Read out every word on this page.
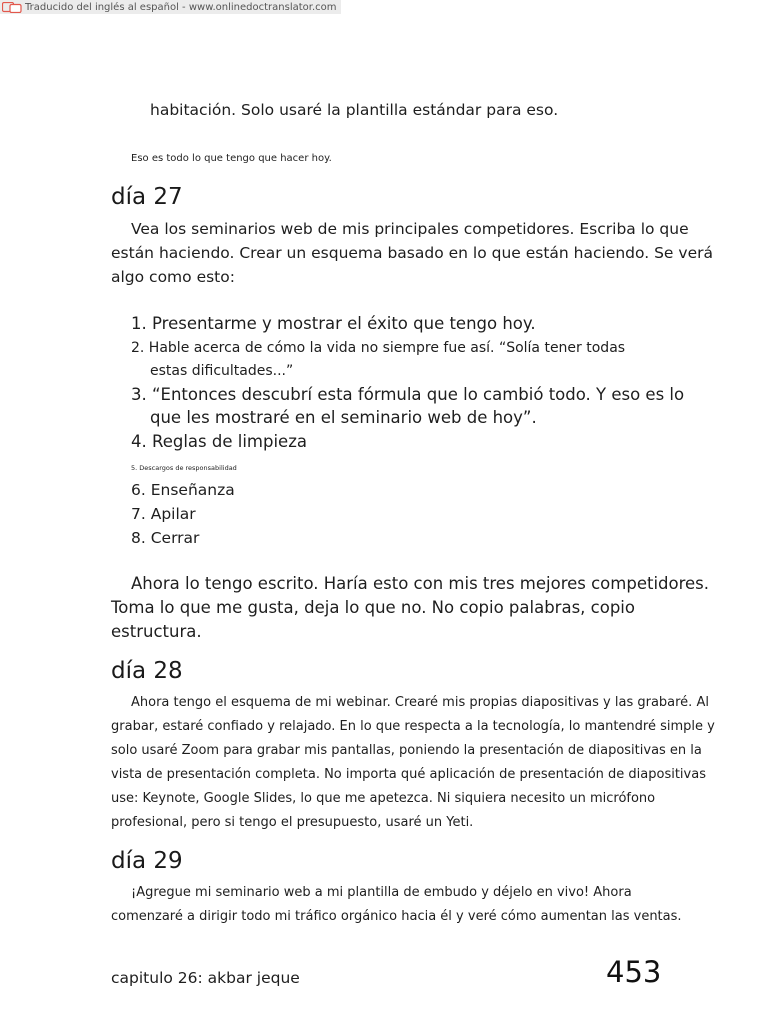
Traducido del inglés al español - www.onlinedoctranslator.com
habitación. Solo usaré la plantilla estándar para eso.
Eso es todo lo que tengo que hacer hoy.
día 27
Vea los seminarios web de mis principales competidores. Escriba lo que
están haciendo. Crear un esquema basado en lo que están haciendo. Se verá
algo como esto:
1. Presentarme y mostrar el éxito que tengo hoy.
2. Hable acerca de cómo la vida no siempre fue así. “Solía tener todas
estas dificultades...”
3. “Entonces descubrí esta fórmula que lo cambió todo. Y eso es lo
que les mostraré en el seminario web de hoy”.
4. Reglas de limpieza
5. Descargos de responsabilidad
6. Enseñanza
7. Apilar
8. Cerrar
Ahora lo tengo escrito. Haría esto con mis tres mejores competidores.
Toma lo que me gusta, deja lo que no. No copio palabras, copio
estructura.
día 28
Ahora tengo el esquema de mi webinar. Crearé mis propias diapositivas y las grabaré. Al
grabar, estaré confiado y relajado. En lo que respecta a la tecnología, lo mantendré simple y
solo usaré Zoom para grabar mis pantallas, poniendo la presentación de diapositivas en la
vista de presentación completa. No importa qué aplicación de presentación de diapositivas
use: Keynote, Google Slides, lo que me apetezca. Ni siquiera necesito un micrófono
profesional, pero si tengo el presupuesto, usaré un Yeti.
día 29
¡Agregue mi seminario web a mi plantilla de embudo y déjelo en vivo! Ahora
comenzaré a dirigir todo mi tráfico orgánico hacia él y veré cómo aumentan las ventas.
capitulo 26: akbar jeque	453
